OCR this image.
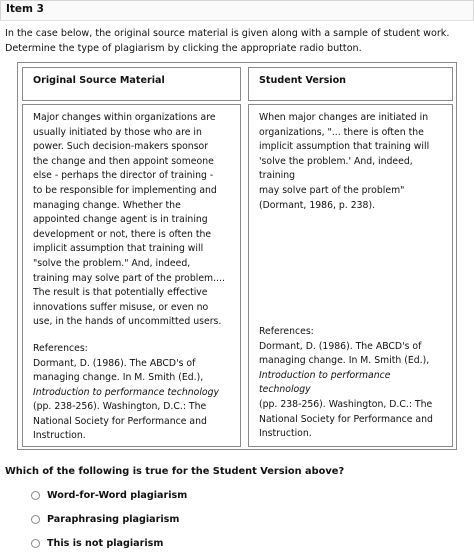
Item 3
In the case below, the original source material is given along with a sample of student work. Determine the type of plagiarism by clicking the appropriate radio button.
Original Source Material	Student Version
Major changes within organizations are
usually initiated by those who are in
power. Such decision-makers sponsor
the change and then appoint someone
else - perhaps the director of training -
to be responsible for implementing and
managing change. Whether the
appointed change agent is in training
development or not, there is often the
implicit assumption that training will
"solve the problem." And, indeed,
training may solve part of the problem....
The result is that potentially effective
innovations suffer misuse, or even no
use, in the hands of uncommitted users.
References:
Dormant, D. (1986). The ABCD's of
managing change. In M. Smith (Ed.),
Introduction to performance technology
(pp. 238-256). Washington, D.C.: The
National Society for Performance and
Instruction.
When major changes are initiated in
organizations, "... there is often the
implicit assumption that training will
'solve the problem.' And, indeed, training
may solve part of the problem"
(Dormant, 1986, p. 238).
References:
Dormant, D. (1986). The ABCD's of
managing change. In M. Smith (Ed.),
Introduction to performance technology
(pp. 238-256). Washington, D.C.: The
National Society for Performance and
Instruction.
Which of the following is true for the Student Version above?
Word-for-Word plagiarism
Paraphrasing plagiarism
This is not plagiarism
